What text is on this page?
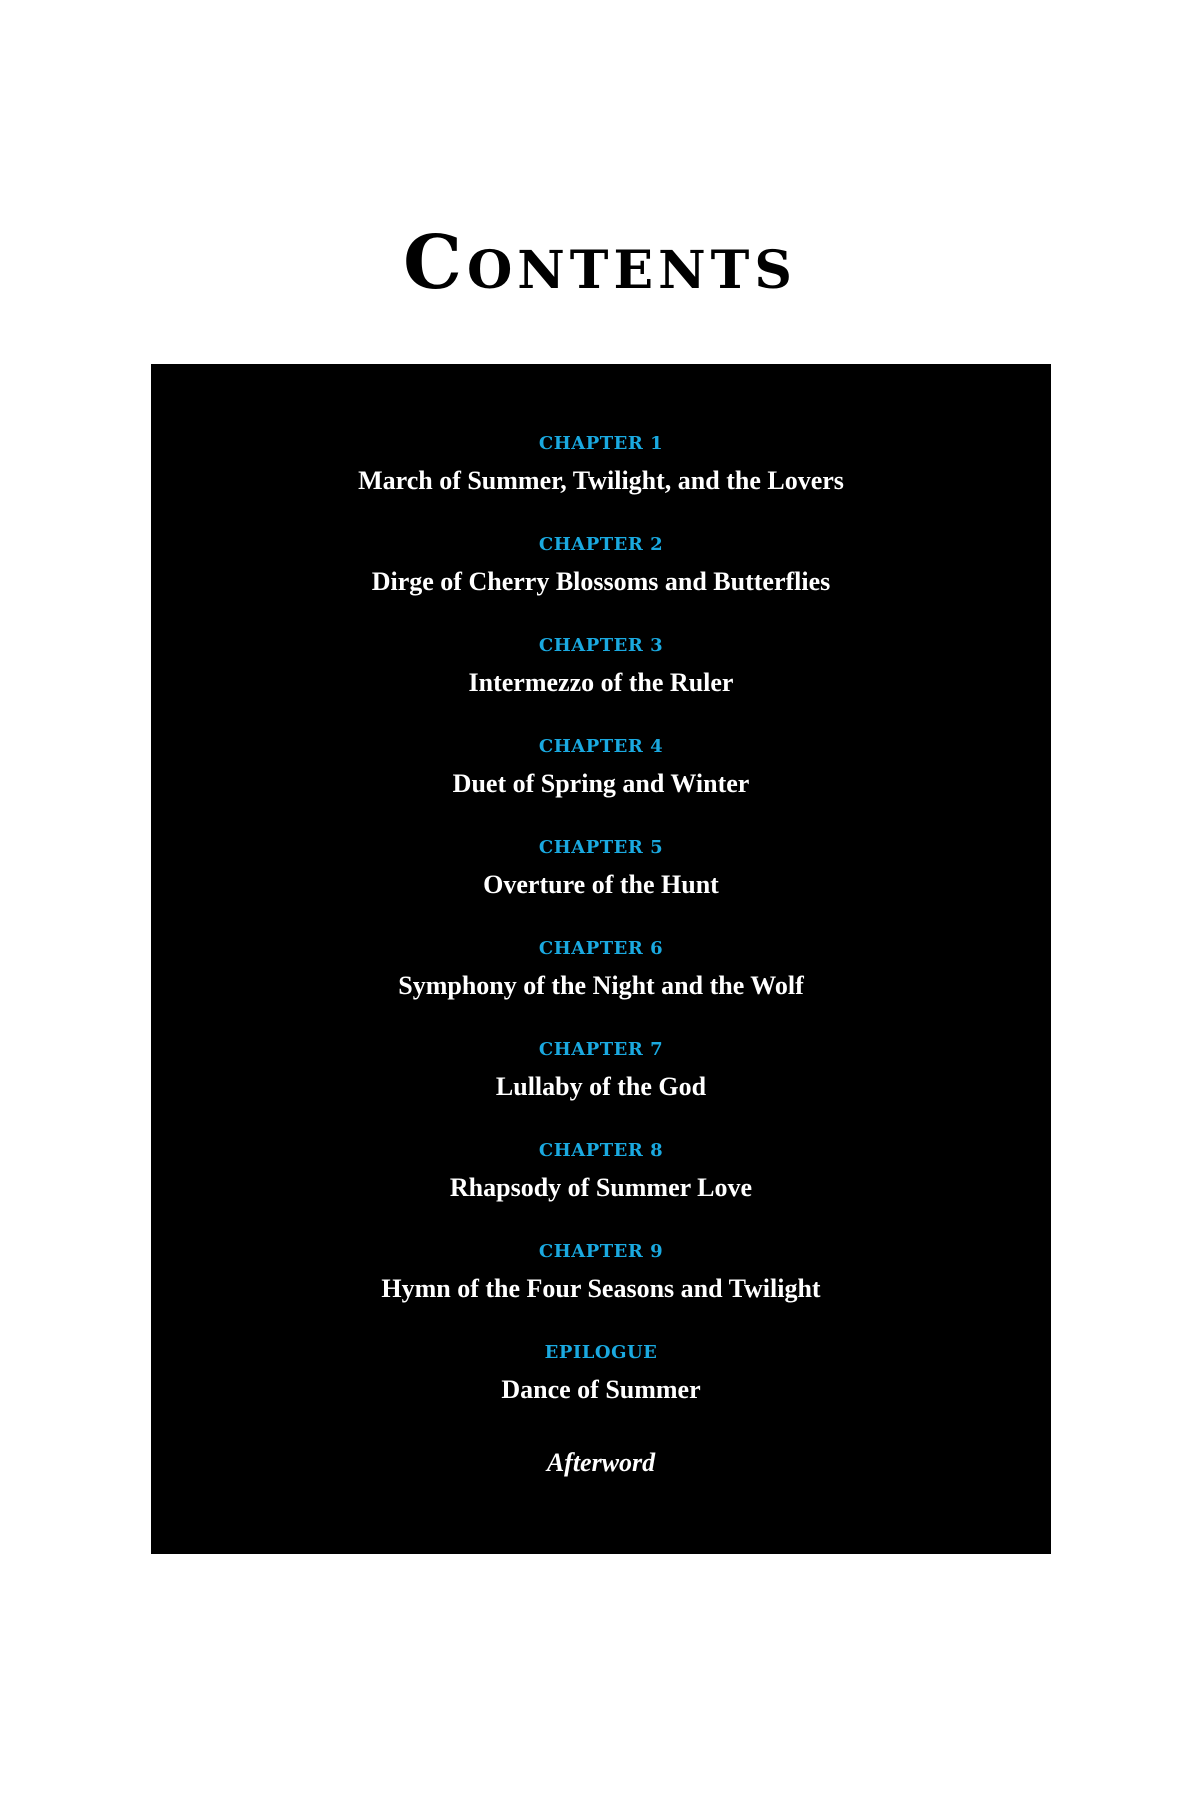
Contents
CHAPTER 1
March of Summer, Twilight, and the Lovers
CHAPTER 2
Dirge of Cherry Blossoms and Butterflies
CHAPTER 3
Intermezzo of the Ruler
CHAPTER 4
Duet of Spring and Winter
CHAPTER 5
Overture of the Hunt
CHAPTER 6
Symphony of the Night and the Wolf
CHAPTER 7
Lullaby of the God
CHAPTER 8
Rhapsody of Summer Love
CHAPTER 9
Hymn of the Four Seasons and Twilight
EPILOGUE
Dance of Summer
Afterword
